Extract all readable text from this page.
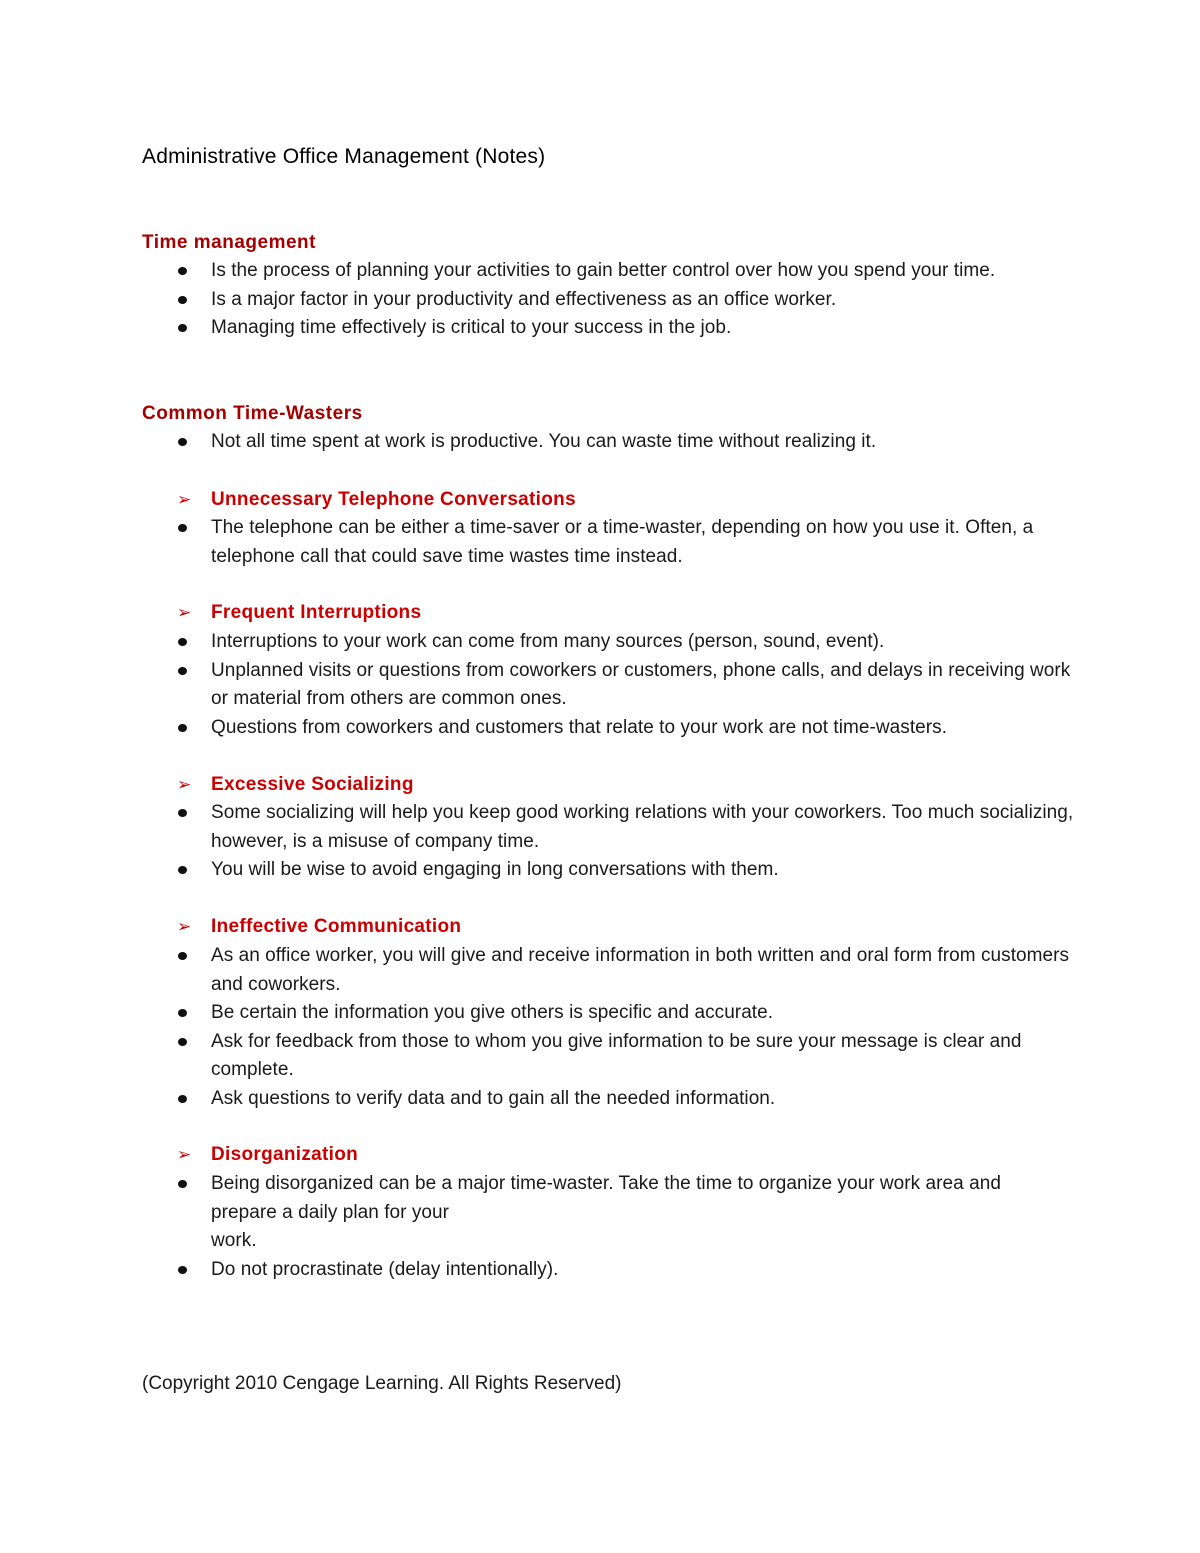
Administrative Office Management (Notes)
Time management
Is the process of planning your activities to gain better control over how you spend your time.
Is a major factor in your productivity and effectiveness as an office worker.
Managing time effectively is critical to your success in the job.
Common Time-Wasters
Not all time spent at work is productive. You can waste time without realizing it.
➢	Unnecessary Telephone Conversations
The telephone can be either a time-saver or a time-waster, depending on how you use it. Often, a telephone call that could save time wastes time instead.
➢	Frequent Interruptions
Interruptions to your work can come from many sources (person, sound, event).
Unplanned visits or questions from coworkers or customers, phone calls, and delays in receiving work or material from others are common ones.
Questions from coworkers and customers that relate to your work are not time-wasters.
➢	Excessive Socializing
Some socializing will help you keep good working relations with your coworkers. Too much socializing, however, is a misuse of company time.
You will be wise to avoid engaging in long conversations with them.
➢	Ineffective Communication
As an office worker, you will give and receive information in both written and oral form from customers and coworkers.
Be certain the information you give others is specific and accurate.
Ask for feedback from those to whom you give information to be sure your message is clear and complete.
Ask questions to verify data and to gain all the needed information.
➢	Disorganization
Being disorganized can be a major time-waster. Take the time to organize your work area and prepare a daily plan for your
work.
Do not procrastinate (delay intentionally).
(Copyright 2010 Cengage Learning. All Rights Reserved)
